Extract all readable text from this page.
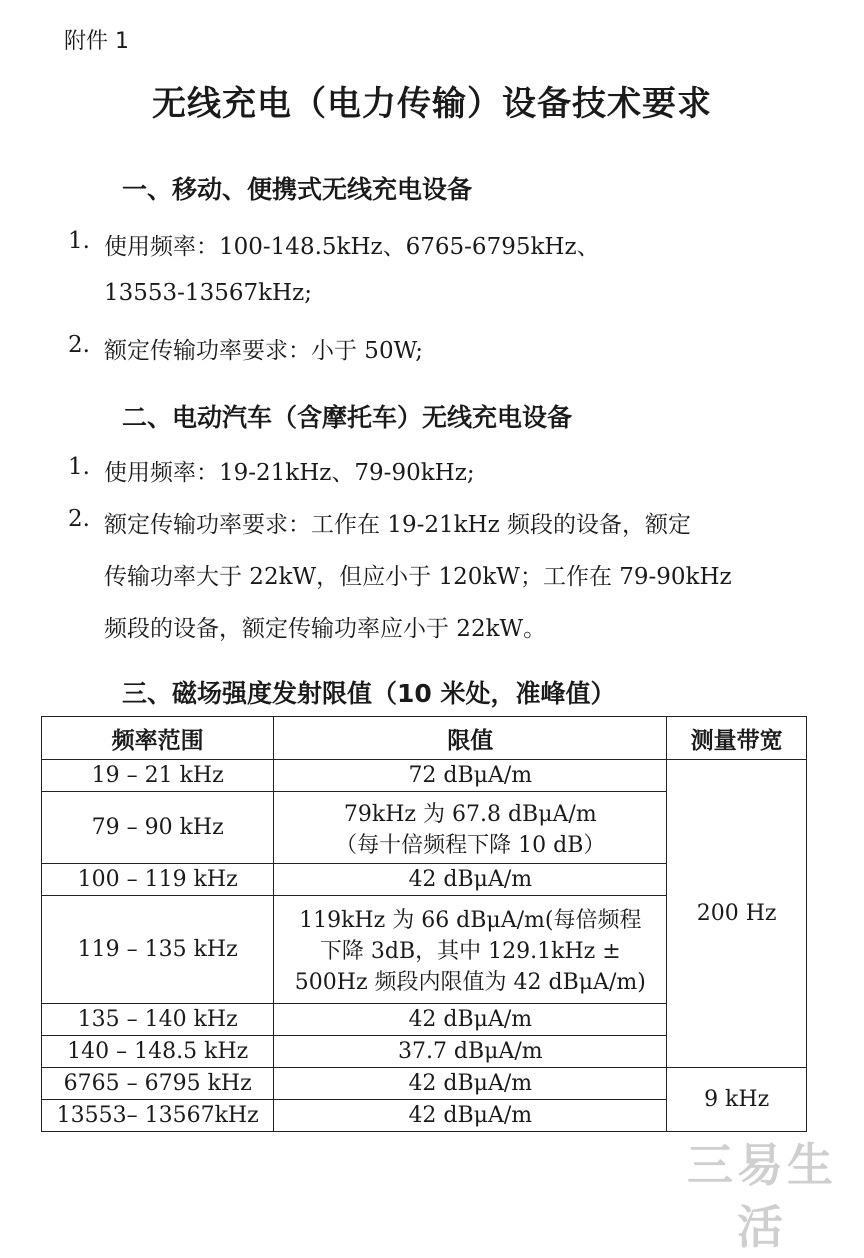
附件 1
无线充电（电力传输）设备技术要求
一、移动、便携式无线充电设备
1. 使用频率：100-148.5kHz、6765-6795kHz、
13553-13567kHz;
2. 额定传输功率要求：小于 50W;
二、电动汽车（含摩托车）无线充电设备
1. 使用频率：19-21kHz、79-90kHz;
2. 额定传输功率要求：工作在 19-21kHz 频段的设备，额定
传输功率大于 22kW，但应小于 120kW；工作在 79-90kHz
频段的设备，额定传输功率应小于 22kW。
三、磁场强度发射限值（10 米处，准峰值）
频率范围	限值	测量带宽
19 – 21 kHz	72 dBμA/m	200 Hz
79 – 90 kHz	79kHz 为 67.8 dBμA/m
（每十倍频程下降 10 dB）	

100 – 119 kHz	42 dBμA/m	

119 – 135 kHz	119kHz 为 66 dBμA/m(每倍频程
下降 3dB，其中 129.1kHz ±
500Hz 频段内限值为 42 dBμA/m)	

135 – 140 kHz	42 dBμA/m	

140 – 148.5 kHz	37.7 dBμA/m	

6765 – 6795 kHz	42 dBμA/m	9 kHz
13553– 13567kHz	42 dBμA/m	
三易生活
